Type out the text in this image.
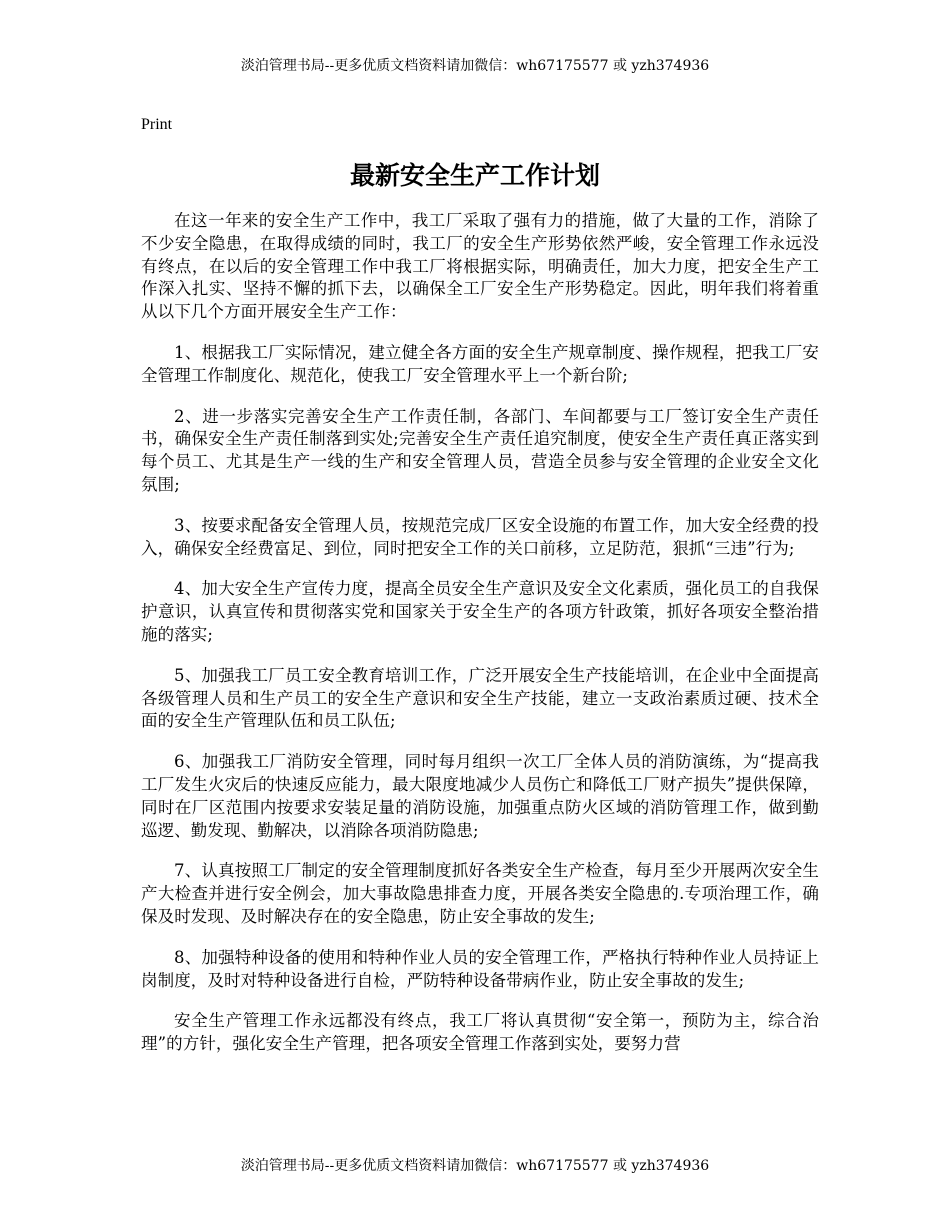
淡泊管理书局--更多优质文档资料请加微信：wh67175577 或 yzh374936
Print
最新安全生产工作计划

在这一年来的安全生产工作中，我工厂采取了强有力的措施，做了大量的工作，消除了不少安全隐患，在取得成绩的同时，我工厂的安全生产形势依然严峻，安全管理工作永远没有终点，在以后的安全管理工作中我工厂将根据实际，明确责任，加大力度，把安全生产工作深入扎实、坚持不懈的抓下去，以确保全工厂安全生产形势稳定。因此，明年我们将着重从以下几个方面开展安全生产工作：

1、根据我工厂实际情况，建立健全各方面的安全生产规章制度、操作规程，把我工厂安全管理工作制度化、规范化，使我工厂安全管理水平上一个新台阶;

2、进一步落实完善安全生产工作责任制，各部门、车间都要与工厂签订安全生产责任书，确保安全生产责任制落到实处;完善安全生产责任追究制度，使安全生产责任真正落实到每个员工、尤其是生产一线的生产和安全管理人员，营造全员参与安全管理的企业安全文化氛围;

3、按要求配备安全管理人员，按规范完成厂区安全设施的布置工作，加大安全经费的投入，确保安全经费富足、到位，同时把安全工作的关口前移，立足防范，狠抓“三违”行为;

4、加大安全生产宣传力度，提高全员安全生产意识及安全文化素质，强化员工的自我保护意识，认真宣传和贯彻落实党和国家关于安全生产的各项方针政策，抓好各项安全整治措施的落实;

5、加强我工厂员工安全教育培训工作，广泛开展安全生产技能培训，在企业中全面提高各级管理人员和生产员工的安全生产意识和安全生产技能，建立一支政治素质过硬、技术全面的安全生产管理队伍和员工队伍;

6、加强我工厂消防安全管理，同时每月组织一次工厂全体人员的消防演练，为“提高我工厂发生火灾后的快速反应能力，最大限度地减少人员伤亡和降低工厂财产损失”提供保障，同时在厂区范围内按要求安装足量的消防设施，加强重点防火区域的消防管理工作，做到勤巡逻、勤发现、勤解决，以消除各项消防隐患;

7、认真按照工厂制定的安全管理制度抓好各类安全生产检查，每月至少开展两次安全生产大检查并进行安全例会，加大事故隐患排查力度，开展各类安全隐患的.专项治理工作，确保及时发现、及时解决存在的安全隐患，防止安全事故的发生;

8、加强特种设备的使用和特种作业人员的安全管理工作，严格执行特种作业人员持证上岗制度，及时对特种设备进行自检，严防特种设备带病作业，防止安全事故的发生;

安全生产管理工作永远都没有终点，我工厂将认真贯彻“安全第一，预防为主，综合治理”的方针，强化安全生产管理，把各项安全管理工作落到实处，要努力营

淡泊管理书局--更多优质文档资料请加微信：wh67175577 或 yzh374936
